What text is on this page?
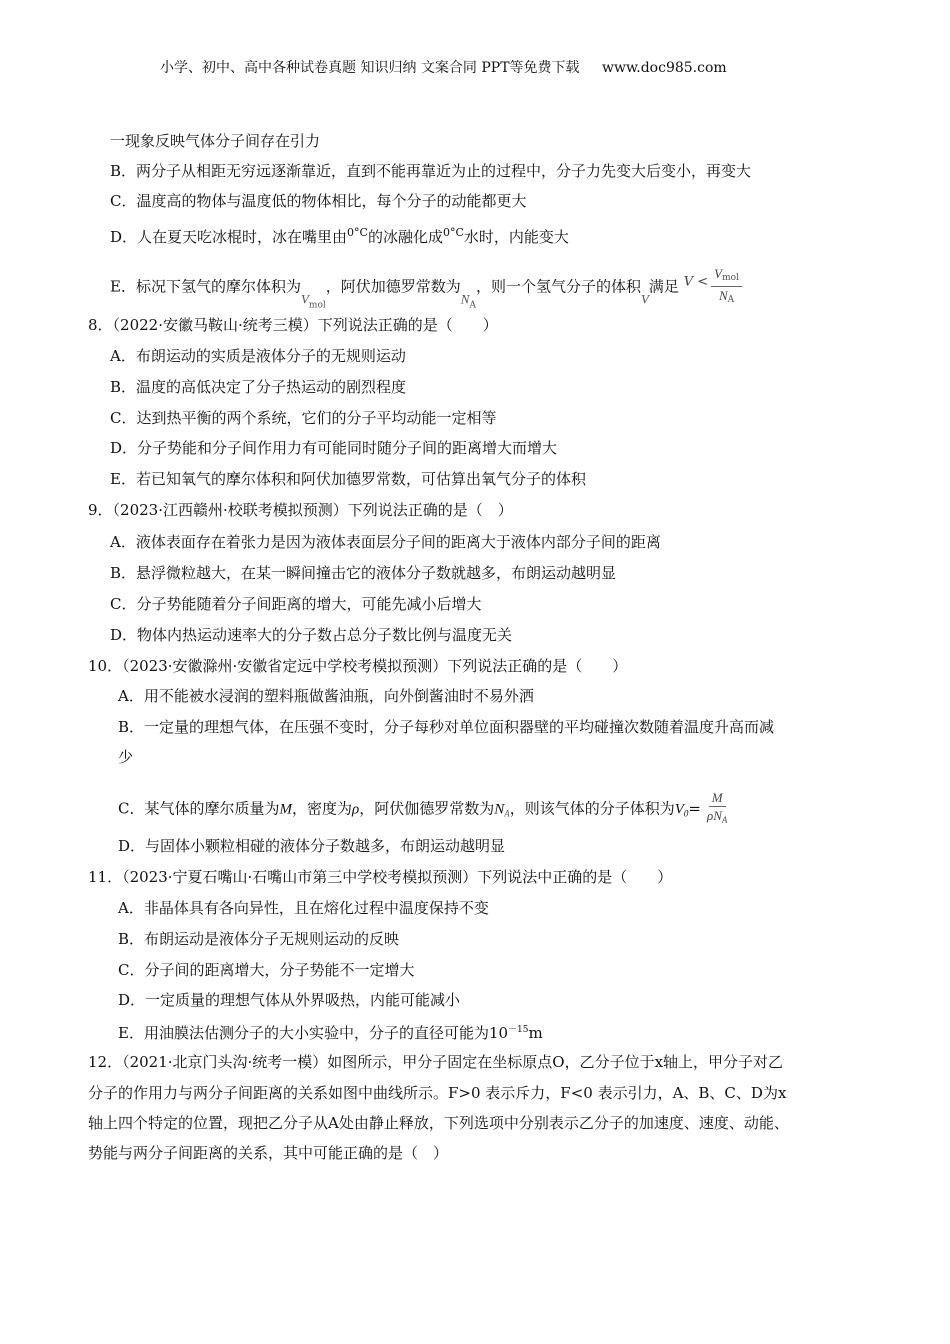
小学、初中、高中各种试卷真题 知识归纳 文案合同 PPT等免费下载 www.doc985.com
一现象反映气体分子间存在引力
B．两分子从相距无穷远逐渐靠近，直到不能再靠近为止的过程中，分子力先变大后变小，再变大
C．温度高的物体与温度低的物体相比，每个分子的动能都更大
D．人在夏天吃冰棍时，冰在嘴里由$^{0^\circ C}$的冰融化成$^{0^\circ C}$水时，内能变大
E．标况下氢气的摩尔体积为$V_{mol}$，阿伏加德罗常数为$N_A$，则一个氢气分子的体积V满足 $V < \frac{V_{mol}}{N_A}$
8．（2022·安徽马鞍山·统考三模）下列说法正确的是（　　）
A．布朗运动的实质是液体分子的无规则运动
B．温度的高低决定了分子热运动的剧烈程度
C．达到热平衡的两个系统，它们的分子平均动能一定相等
D．分子势能和分子间作用力有可能同时随分子间的距离增大而增大
E．若已知氧气的摩尔体积和阿伏加德罗常数，可估算出氧气分子的体积
9．（2023·江西赣州·校联考模拟预测）下列说法正确的是（　）
A．液体表面存在着张力是因为液体表面层分子间的距离大于液体内部分子间的距离
B．悬浮微粒越大，在某一瞬间撞击它的液体分子数就越多，布朗运动越明显
C．分子势能随着分子间距离的增大，可能先减小后增大
D．物体内热运动速率大的分子数占总分子数比例与温度无关
10．（2023·安徽滁州·安徽省定远中学校考模拟预测）下列说法正确的是（　　）
A．用不能被水浸润的塑料瓶做酱油瓶，向外倒酱油时不易外洒
B．一定量的理想气体，在压强不变时，分子每秒对单位面积器壁的平均碰撞次数随着温度升高而减
少
C．某气体的摩尔质量为M，密度为ρ，阿伏伽德罗常数为$N_A$，则该气体的分子体积为$V_0= \frac{M}{\rho N_A}$
D．与固体小颗粒相碰的液体分子数越多，布朗运动越明显
11．（2023·宁夏石嘴山·石嘴山市第三中学校考模拟预测）下列说法中正确的是（　　）
A．非晶体具有各向异性，且在熔化过程中温度保持不变
B．布朗运动是液体分子无规则运动的反映
C．分子间的距离增大，分子势能不一定增大
D．一定质量的理想气体从外界吸热，内能可能减小
E．用油膜法估测分子的大小实验中，分子的直径可能为$10^{-15}m$
12．（2021·北京门头沟·统考一模）如图所示，甲分子固定在坐标原点O，乙分子位于x轴上，甲分子对乙
分子的作用力与两分子间距离的关系如图中曲线所示。F>0 表示斥力，F<0 表示引力，A、B、C、D为x
轴上四个特定的位置，现把乙分子从A处由静止释放，下列选项中分别表示乙分子的加速度、速度、动能、
势能与两分子间距离的关系，其中可能正确的是（　）
